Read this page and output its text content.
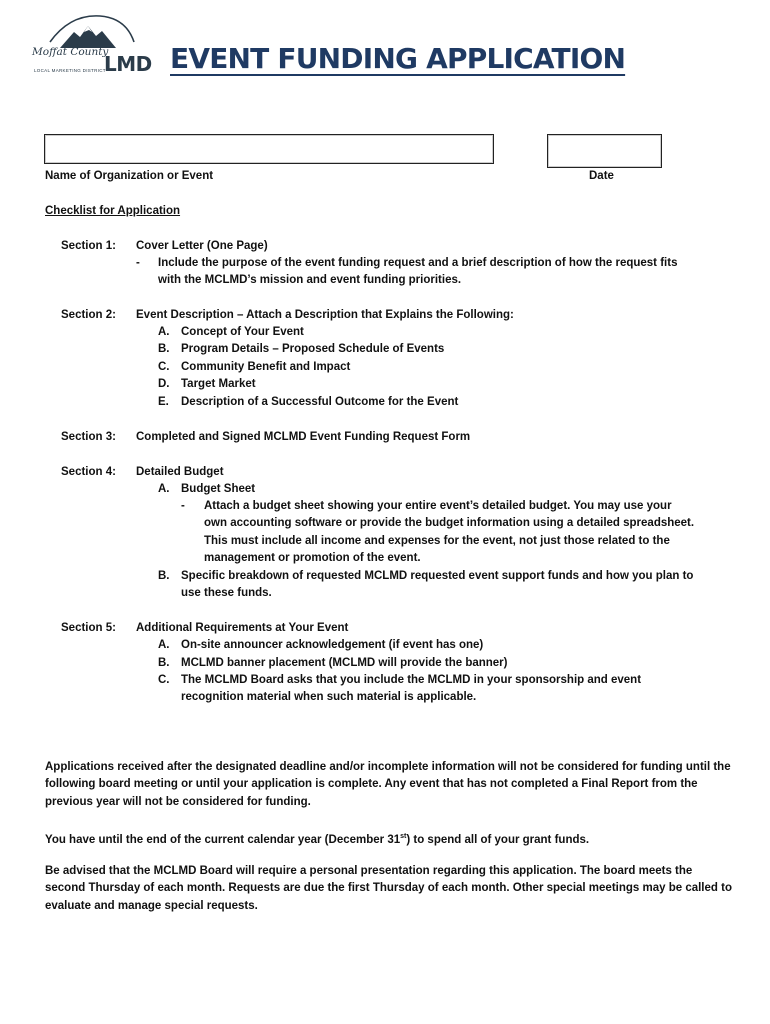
Moffat County
LMD
LOCAL MARKETING DISTRICT EVENT FUNDING APPLICATION
Name of Organization or Event	Date
Checklist for Application
Section 1: Cover Letter (One Page)
- Include the purpose of the event funding request and a brief description of how the request fits
with the MCLMD’s mission and event funding priorities.
Section 2: Event Description – Attach a Description that Explains the Following:
A. Concept of Your Event
B. Program Details – Proposed Schedule of Events
C. Community Benefit and Impact
D. Target Market
E. Description of a Successful Outcome for the Event
Section 3: Completed and Signed MCLMD Event Funding Request Form
Section 4: Detailed Budget
A. Budget Sheet
- Attach a budget sheet showing your entire event’s detailed budget. You may use your
own accounting software or provide the budget information using a detailed spreadsheet.
This must include all income and expenses for the event, not just those related to the
management or promotion of the event.
B. Specific breakdown of requested MCLMD requested event support funds and how you plan to
use these funds.
Section 5: Additional Requirements at Your Event
A. On-site announcer acknowledgement (if event has one)
B. MCLMD banner placement (MCLMD will provide the banner)
C. The MCLMD Board asks that you include the MCLMD in your sponsorship and event
recognition material when such material is applicable.
Applications received after the designated deadline and/or incomplete information will not be considered for funding until the following board meeting or until your application is complete. Any event that has not completed a Final Report from the previous year will not be considered for funding.
You have until the end of the current calendar year (December 31st) to spend all of your grant funds.
Be advised that the MCLMD Board will require a personal presentation regarding this application. The board meets the second Thursday of each month. Requests are due the first Thursday of each month. Other special meetings may be called to evaluate and manage special requests.
